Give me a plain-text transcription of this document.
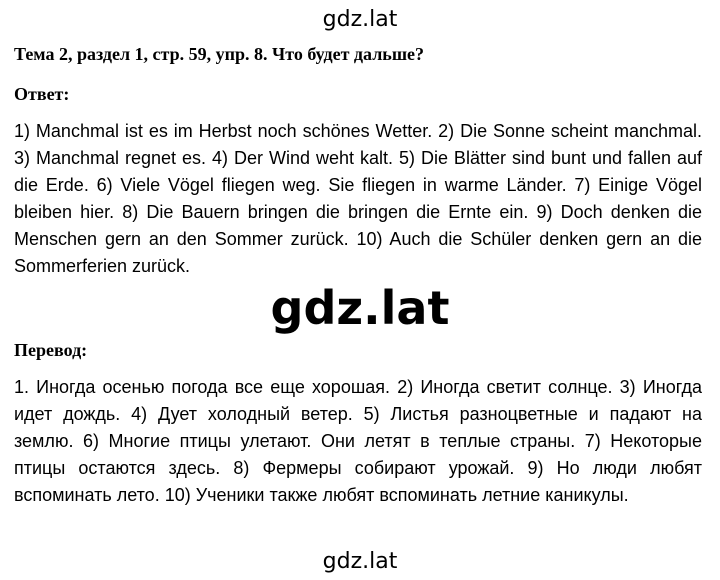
gdz.lat
Тема 2, раздел 1, стр. 59, упр. 8. Что будет дальше?
Ответ:
1) Manchmal ist es im Herbst noch schönes Wetter. 2) Die Sonne scheint manchmal. 3) Manchmal regnet es. 4) Der Wind weht kalt. 5) Die Blätter sind bunt und fallen auf die Erde. 6) Viele Vögel fliegen weg. Sie fliegen in warme Länder. 7) Einige Vögel bleiben hier. 8) Die Bauern bringen die bringen die Ernte ein. 9) Doch denken die Menschen gern an den Sommer zurück. 10) Auch die Schüler denken gern an die Sommerferien zurück.
gdz.lat
Перевод:
1. Иногда осенью погода все еще хорошая. 2) Иногда светит солнце. 3) Иногда идет дождь. 4) Дует холодный ветер. 5) Листья разноцветные и падают на землю. 6) Многие птицы улетают. Они летят в теплые страны. 7) Некоторые птицы остаются здесь. 8) Фермеры собирают урожай. 9) Но люди любят вспоминать лето. 10) Ученики также любят вспоминать летние каникулы.
gdz.lat
